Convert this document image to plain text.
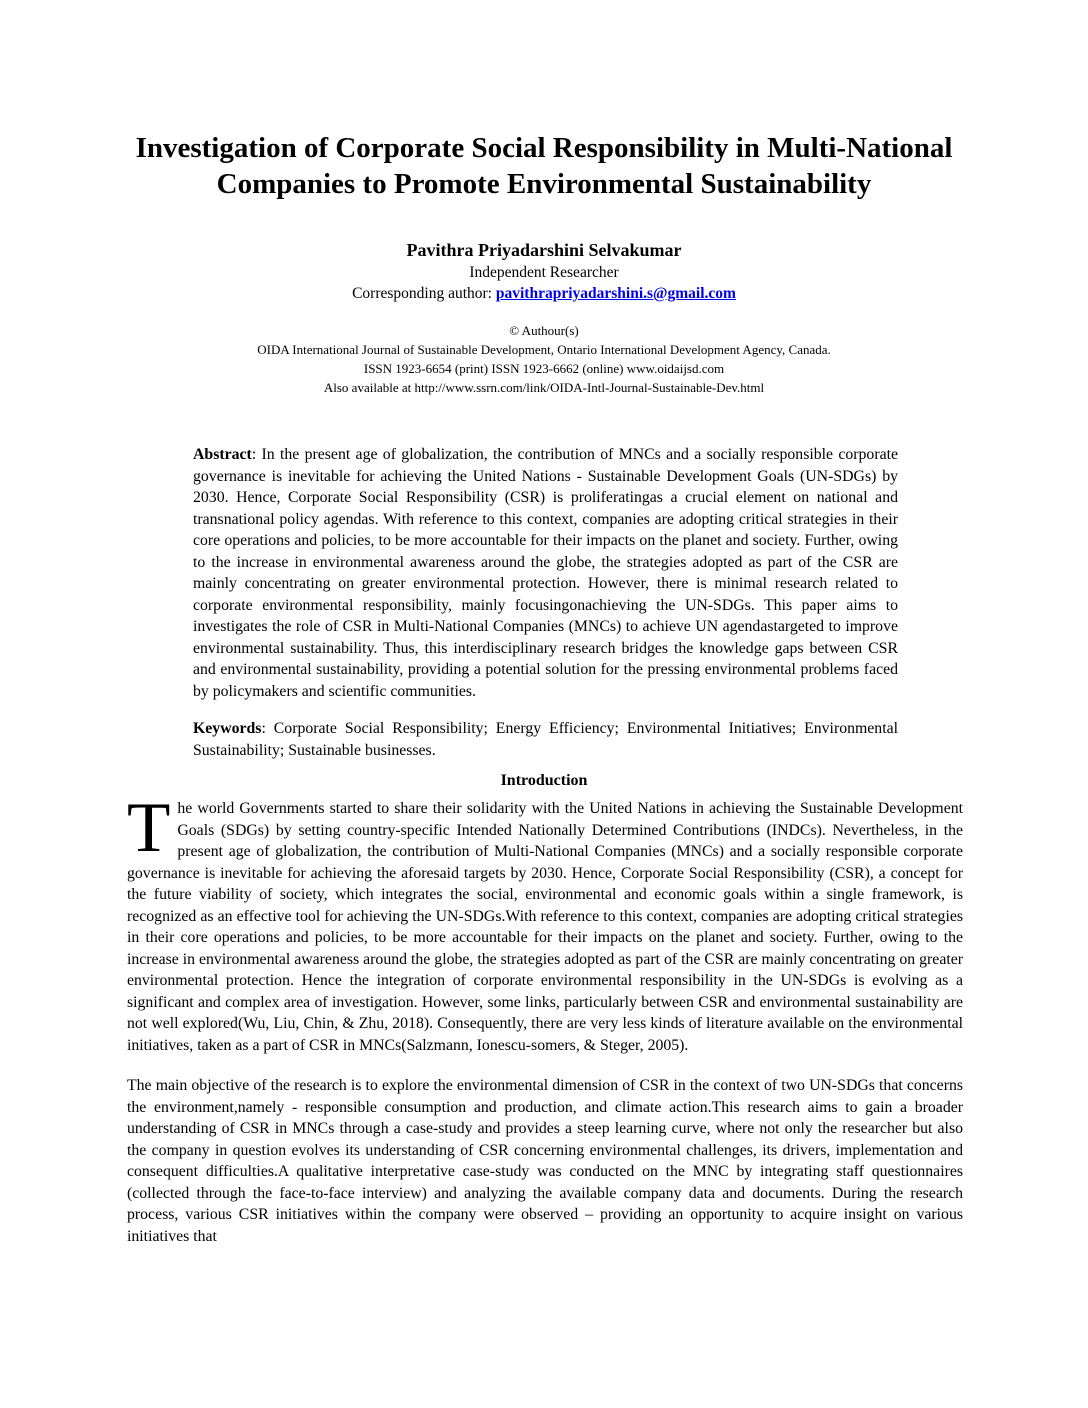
Investigation of Corporate Social Responsibility in Multi-National Companies to Promote Environmental Sustainability
Pavithra Priyadarshini Selvakumar
Independent Researcher
Corresponding author: pavithrapriyadarshini.s@gmail.com
© Authour(s)
OIDA International Journal of Sustainable Development, Ontario International Development Agency, Canada.
ISSN 1923-6654 (print) ISSN 1923-6662 (online) www.oidaijsd.com
Also available at http://www.ssrn.com/link/OIDA-Intl-Journal-Sustainable-Dev.html

Abstract: In the present age of globalization, the contribution of MNCs and a socially responsible corporate governance is inevitable for achieving the United Nations - Sustainable Development Goals (UN-SDGs) by 2030. Hence, Corporate Social Responsibility (CSR) is proliferatingas a crucial element on national and transnational policy agendas. With reference to this context, companies are adopting critical strategies in their core operations and policies, to be more accountable for their impacts on the planet and society. Further, owing to the increase in environmental awareness around the globe, the strategies adopted as part of the CSR are mainly concentrating on greater environmental protection. However, there is minimal research related to corporate environmental responsibility, mainly focusingonachieving the UN-SDGs. This paper aims to investigates the role of CSR in Multi-National Companies (MNCs) to achieve UN agendastargeted to improve environmental sustainability. Thus, this interdisciplinary research bridges the knowledge gaps between CSR and environmental sustainability, providing a potential solution for the pressing environmental problems faced by policymakers and scientific communities.

Keywords: Corporate Social Responsibility; Energy Efficiency; Environmental Initiatives; Environmental Sustainability; Sustainable businesses.

Introduction

The world Governments started to share their solidarity with the United Nations in achieving the Sustainable Development Goals (SDGs) by setting country-specific Intended Nationally Determined Contributions (INDCs). Nevertheless, in the present age of globalization, the contribution of Multi-National Companies (MNCs) and a socially responsible corporate governance is inevitable for achieving the aforesaid targets by 2030. Hence, Corporate Social Responsibility (CSR), a concept for the future viability of society, which integrates the social, environmental and economic goals within a single framework, is recognized as an effective tool for achieving the UN-SDGs.With reference to this context, companies are adopting critical strategies in their core operations and policies, to be more accountable for their impacts on the planet and society. Further, owing to the increase in environmental awareness around the globe, the strategies adopted as part of the CSR are mainly concentrating on greater environmental protection. Hence the integration of corporate environmental responsibility in the UN-SDGs is evolving as a significant and complex area of investigation. However, some links, particularly between CSR and environmental sustainability are not well explored(Wu, Liu, Chin, & Zhu, 2018). Consequently, there are very less kinds of literature available on the environmental initiatives, taken as a part of CSR in MNCs(Salzmann, Ionescu-somers, & Steger, 2005).

The main objective of the research is to explore the environmental dimension of CSR in the context of two UN-SDGs that concerns the environment,namely - responsible consumption and production, and climate action.This research aims to gain a broader understanding of CSR in MNCs through a case-study and provides a steep learning curve, where not only the researcher but also the company in question evolves its understanding of CSR concerning environmental challenges, its drivers, implementation and consequent difficulties.A qualitative interpretative case-study was conducted on the MNC by integrating staff questionnaires (collected through the face-to-face interview) and analyzing the available company data and documents. During the research process, various CSR initiatives within the company were observed – providing an opportunity to acquire insight on various initiatives that
